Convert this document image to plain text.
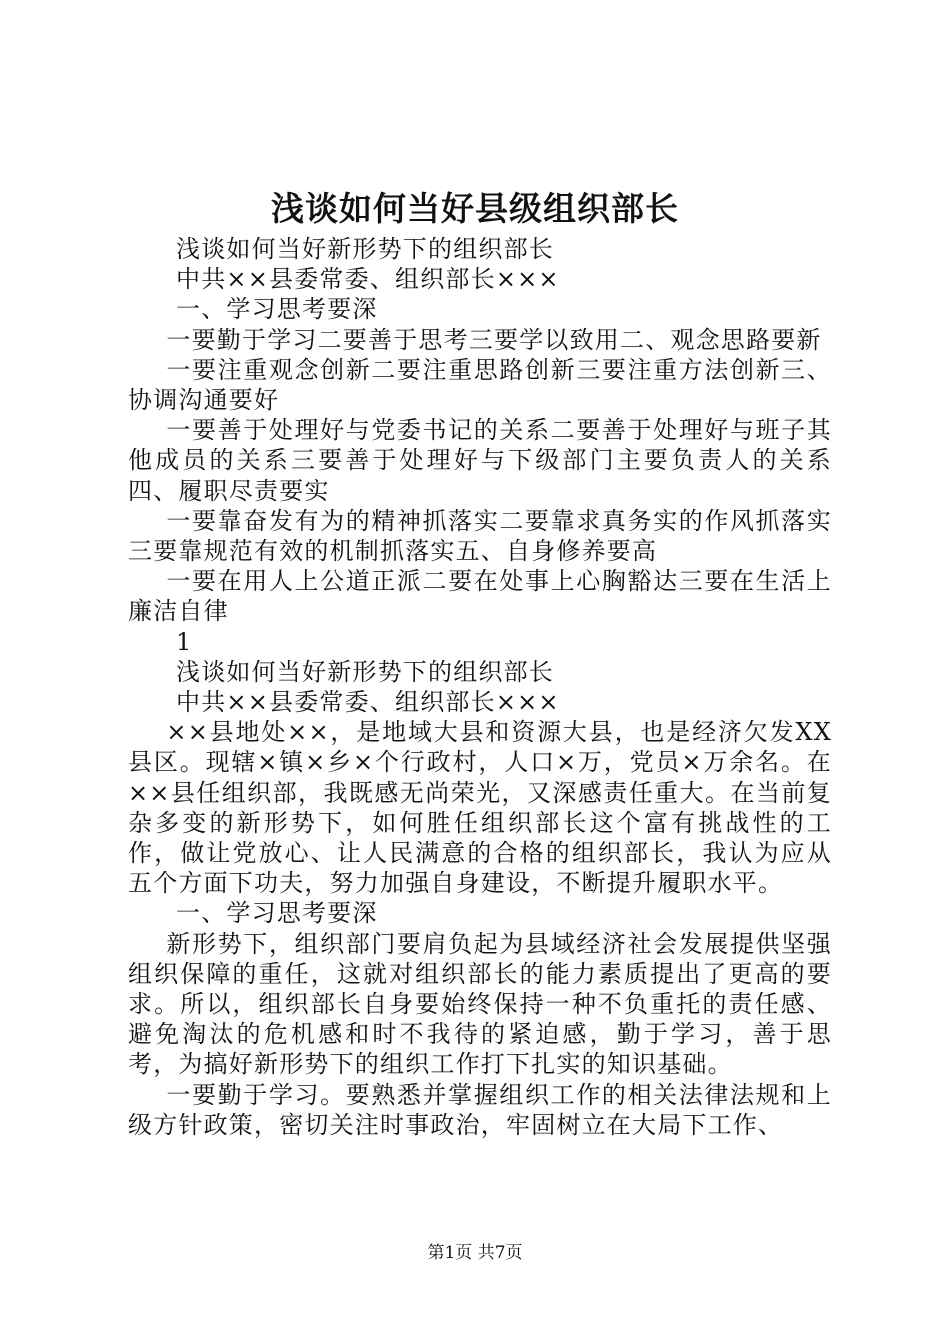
浅谈如何当好县级组织部长

浅谈如何当好新形势下的组织部长

中共××县委常委、组织部长×××

一、学习思考要深

一要勤于学习二要善于思考三要学以致用二、观念思路要新

一要注重观念创新二要注重思路创新三要注重方法创新三、协调沟通要好

一要善于处理好与党委书记的关系二要善于处理好与班子其他成员的关系三要善于处理好与下级部门主要负责人的关系四、履职尽责要实

一要靠奋发有为的精神抓落实二要靠求真务实的作风抓落实三要靠规范有效的机制抓落实五、自身修养要高

一要在用人上公道正派二要在处事上心胸豁达三要在生活上廉洁自律

1

浅谈如何当好新形势下的组织部长

中共××县委常委、组织部长×××

××县地处××，是地域大县和资源大县，也是经济欠发XX县区。现辖×镇×乡×个行政村，人口×万，党员×万余名。在××县任组织部，我既感无尚荣光，又深感责任重大。在当前复杂多变的新形势下，如何胜任组织部长这个富有挑战性的工作，做让党放心、让人民满意的合格的组织部长，我认为应从五个方面下功夫，努力加强自身建设，不断提升履职水平。

一、学习思考要深

新形势下，组织部门要肩负起为县域经济社会发展提供坚强组织保障的重任，这就对组织部长的能力素质提出了更高的要求。所以，组织部长自身要始终保持一种不负重托的责任感、避免淘汰的危机感和时不我待的紧迫感，勤于学习，善于思考，为搞好新形势下的组织工作打下扎实的知识基础。

一要勤于学习。要熟悉并掌握组织工作的相关法律法规和上级方针政策，密切关注时事政治，牢固树立在大局下工作、

第1页 共7页
